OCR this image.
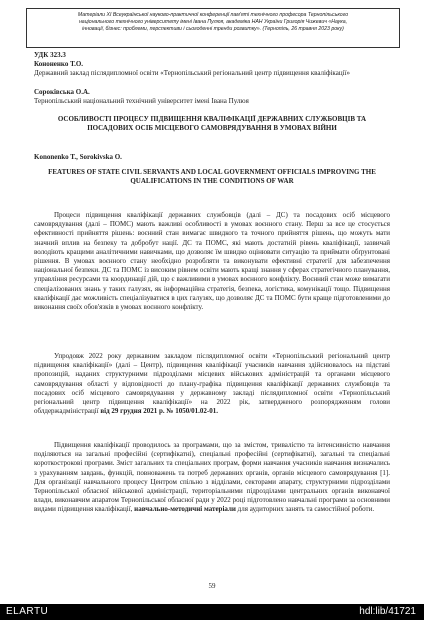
Матеріали XI Всеукраїнської науково-практичної конференції пам'яті технічного професора Тернопільського
національного технічного університету імені Івана Пулюя, академіка НАН України Григорія Чижевич «Наука,
інновації, бізнес: проблеми, перспективи і сьогоденні тренди розвитку». (Тернопіль, 26 травня 2023 року)
УДК 323.3
Кононенко Т.О.
Державний заклад післядипломної освіти «Тернопільський регіональний центр підвищення кваліфікації»
Сороківська О.А.
Тернопільський національний технічний університет імені Івана Пулюя
ОСОБЛИВОСТІ ПРОЦЕСУ ПІДВИЩЕННЯ КВАЛІФІКАЦІЇ ДЕРЖАВНИХ СЛУЖБОВЦІВ ТА ПОСАДОВИХ ОСІБ МІСЦЕВОГО САМОВРЯДУВАННЯ В УМОВАХ ВІЙНИ
Kononenko T., Sorokivska O.
FEATURES OF STATE CIVIL SERVANTS AND LOCAL GOVERNMENT OFFICIALS IMPROVING THE QUALIFICATIONS IN THE CONDITIONS OF WAR
Процеси підвищення кваліфікації державних службовців (далі – ДС) та посадових осіб місцевого самоврядування (далі – ПОМС) мають важливі особливості в умовах воєнного стану. Перш за все це стосується ефективності прийняття рішень: воєнний стан вимагає швидкого та точного прийняття рішень, що можуть мати значний вплив на безпеку та добробут нації. ДС та ПОМС, які мають достатній рівень кваліфікації, зазвичай володіють кращими аналітичними навичками, що дозволяє їм швидко оцінювати ситуацію та приймати обґрунтовані рішення. В умовах воєнного стану необхідно розробляти та виконувати ефективні стратегії для забезпечення національної безпеки. ДС та ПОМС із високим рівнем освіти мають кращі знання у сферах стратегічного планування, управління ресурсами та координації дій, що є важливими в умовах воєнного конфлікту. Воєнний стан може вимагати спеціалізованих знань у таких галузях, як інформаційна стратегія, безпека, логістика, комунікації тощо. Підвищення кваліфікації дає можливість спеціалізуватися в цих галузях, що дозволяє ДС та ПОМС бути краще підготовленими до виконання своїх обов'язків в умовах воєнного конфлікту.
Упродовж 2022 року державним закладом післядипломної освіти «Тернопільський регіональний центр підвищення кваліфікації» (далі – Центр), підвищення кваліфікації учасників навчання здійснювалось на підставі пропозицій, наданих структурними підрозділами місцевих військових адміністрацій та органами місцевого самоврядування області у відповідності до плану-графіка підвищення кваліфікації державних службовців та посадових осіб місцевого самоврядування у державному закладі післядипломної освіти «Тернопільський регіональний центр підвищення кваліфікації» на 2022 рік, затвердженого розпорядженням голови облдержадміністрації від 29 грудня 2021 р. № 1050/01.02-01.
Підвищення кваліфікації проводилось за програмами, що за змістом, тривалістю та інтенсивністю навчання поділяються на загальні професійні (сертифікатні), спеціальні професійні (сертифікатні), загальні та спеціальні короткострокові програми. Зміст загальних та спеціальних програм, форми навчання учасників навчання визначались з урахуванням завдань, функцій, повноважень та потреб державних органів, органів місцевого самоврядування [1]. Для організації навчального процесу Центром спільно з відділами, секторами апарату, структурними підрозділами Тернопільської обласної військової адміністрації, територіальними підрозділами центральних органів виконавчої влади, виконавчим апаратом Тернопільської обласної ради у 2022 році підготовлено навчальні програми за основними видами підвищення кваліфікації, навчально-методичні матеріали для аудиторних занять та самостійної роботи.
59
ELARTU	hdl:lib/41721
